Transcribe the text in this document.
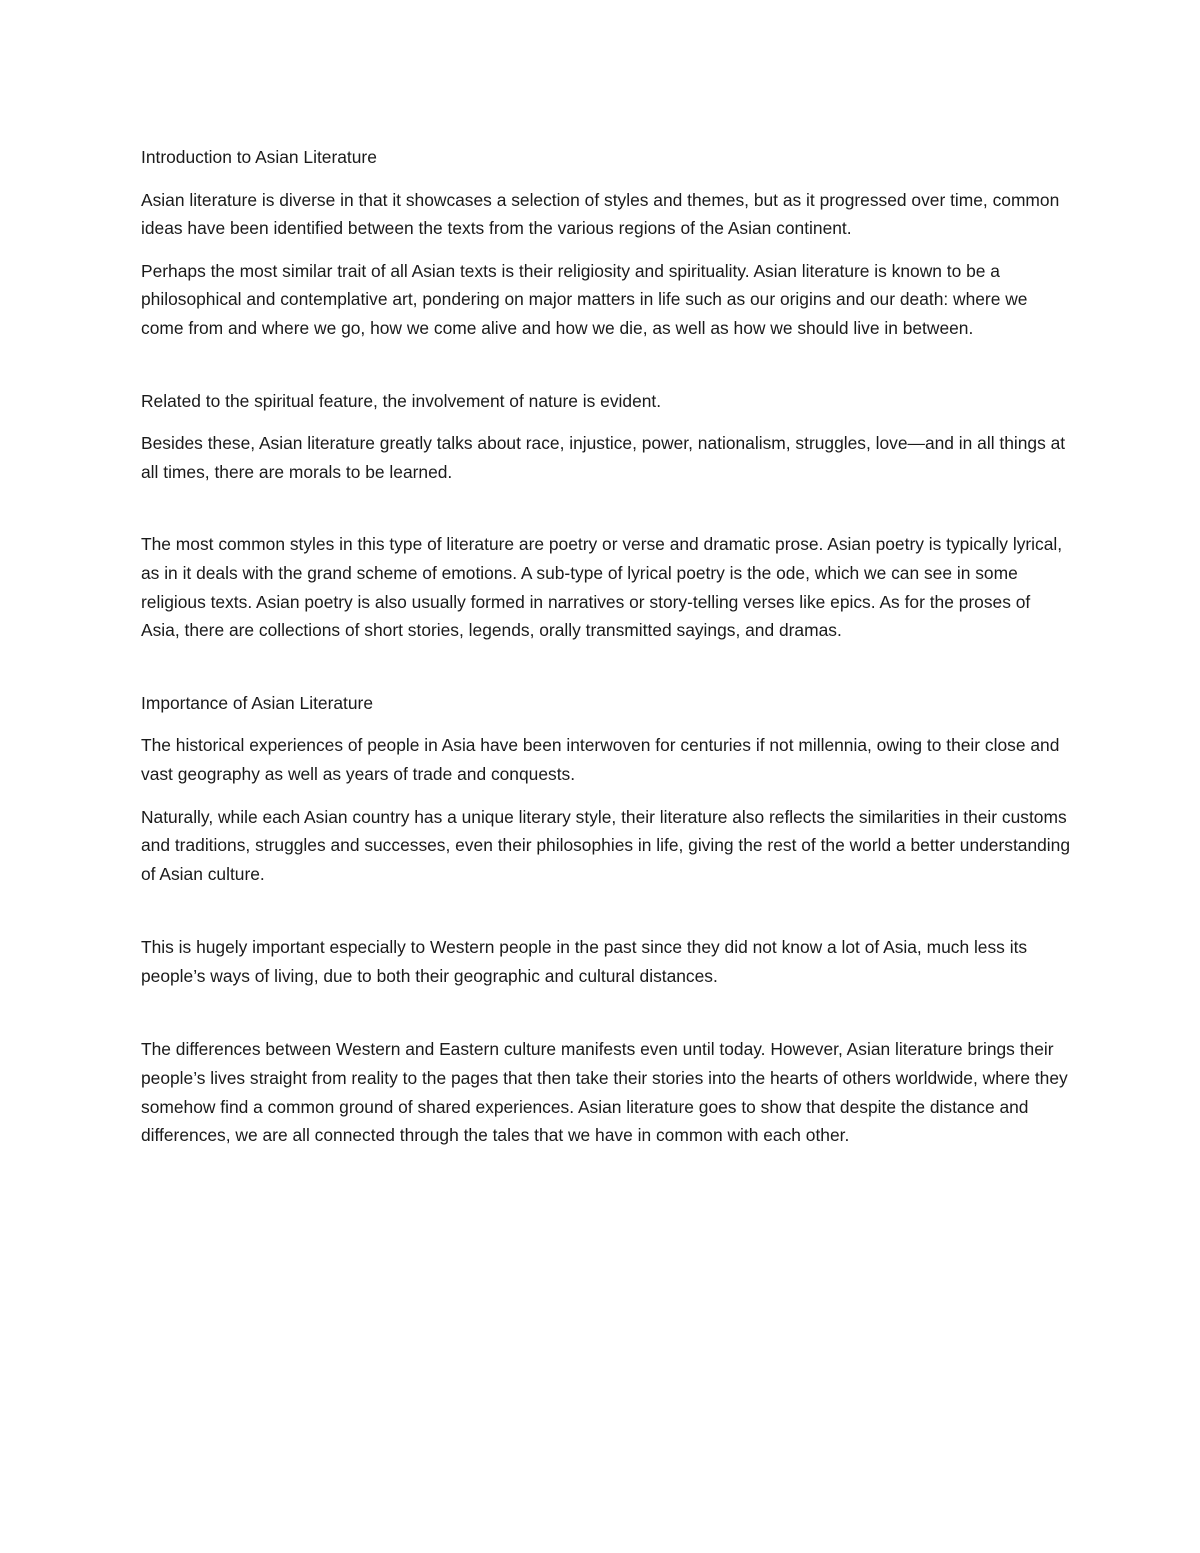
Introduction to Asian Literature

Asian literature is diverse in that it showcases a selection of styles and themes, but as it progressed over time, common ideas have been identified between the texts from the various regions of the Asian continent.

Perhaps the most similar trait of all Asian texts is their religiosity and spirituality. Asian literature is known to be a philosophical and contemplative art, pondering on major matters in life such as our origins and our death: where we come from and where we go, how we come alive and how we die, as well as how we should live in between.

Related to the spiritual feature, the involvement of nature is evident.

Besides these, Asian literature greatly talks about race, injustice, power, nationalism, struggles, love—and in all things at all times, there are morals to be learned.

The most common styles in this type of literature are poetry or verse and dramatic prose. Asian poetry is typically lyrical, as in it deals with the grand scheme of emotions. A sub-type of lyrical poetry is the ode, which we can see in some religious texts. Asian poetry is also usually formed in narratives or story-telling verses like epics. As for the proses of Asia, there are collections of short stories, legends, orally transmitted sayings, and dramas.

Importance of Asian Literature

The historical experiences of people in Asia have been interwoven for centuries if not millennia, owing to their close and vast geography as well as years of trade and conquests.

Naturally, while each Asian country has a unique literary style, their literature also reflects the similarities in their customs and traditions, struggles and successes, even their philosophies in life, giving the rest of the world a better understanding of Asian culture.

This is hugely important especially to Western people in the past since they did not know a lot of Asia, much less its people’s ways of living, due to both their geographic and cultural distances.

The differences between Western and Eastern culture manifests even until today. However, Asian literature brings their people’s lives straight from reality to the pages that then take their stories into the hearts of others worldwide, where they somehow find a common ground of shared experiences. Asian literature goes to show that despite the distance and differences, we are all connected through the tales that we have in common with each other.
